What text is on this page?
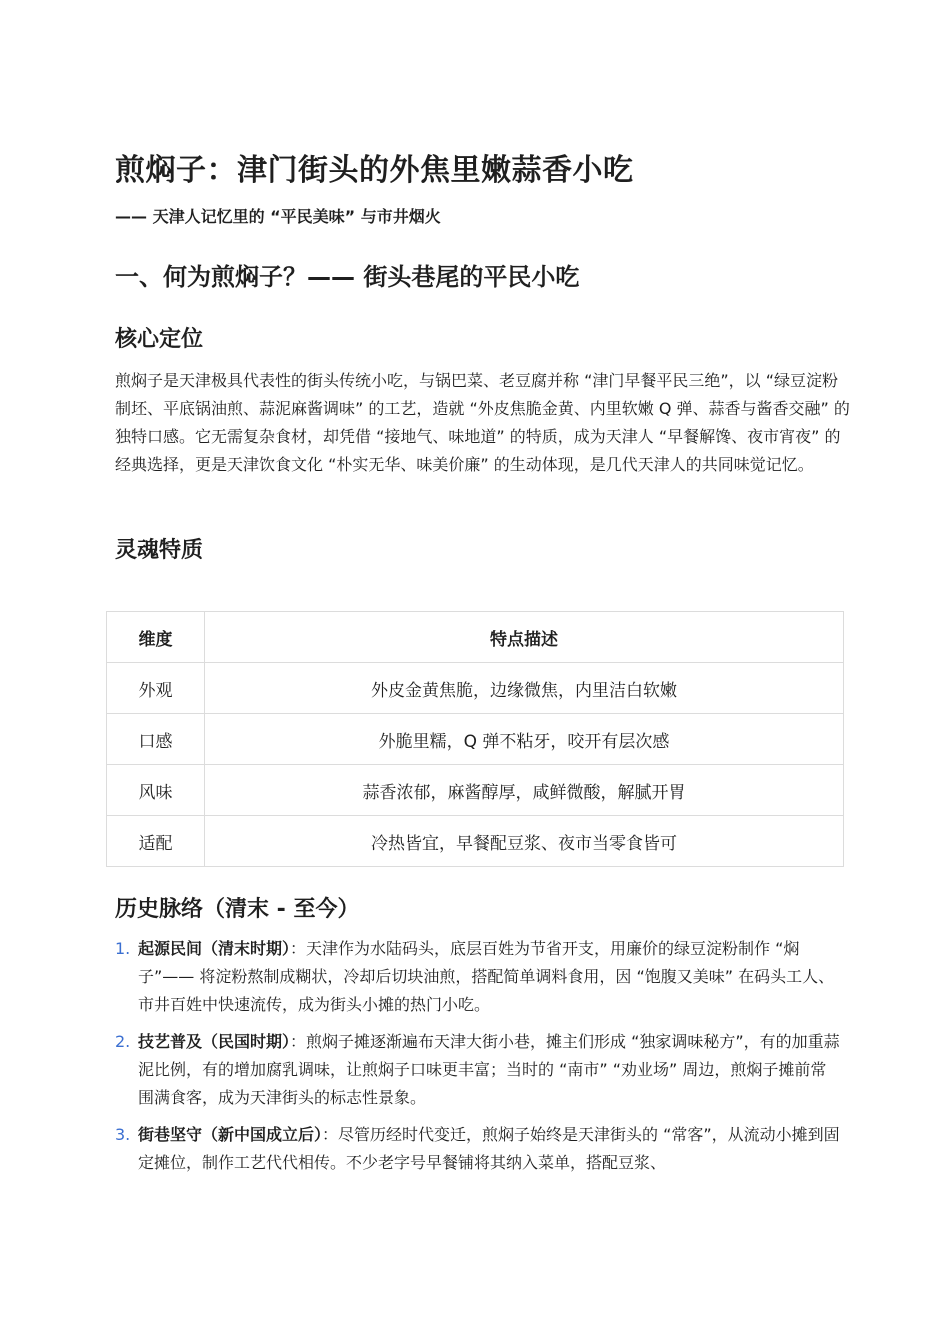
煎焖子：津门街头的外焦里嫩蒜香小吃

—— 天津人记忆里的 “平民美味” 与市井烟火

一、何为煎焖子？—— 街头巷尾的平民小吃
核心定位

煎焖子是天津极具代表性的街头传统小吃，与锅巴菜、老豆腐并称 “津门早餐平民三绝”，以 “绿豆淀粉制坯、平底锅油煎、蒜泥麻酱调味” 的工艺，造就 “外皮焦脆金黄、内里软嫩 Q 弹、蒜香与酱香交融” 的独特口感。它无需复杂食材，却凭借 “接地气、味地道” 的特质，成为天津人 “早餐解馋、夜市宵夜” 的经典选择，更是天津饮食文化 “朴实无华、味美价廉” 的生动体现，是几代天津人的共同味觉记忆。

灵魂特质
维度	特点描述
外观	外皮金黄焦脆，边缘微焦，内里洁白软嫩
口感	外脆里糯，Q 弹不粘牙，咬开有层次感
风味	蒜香浓郁，麻酱醇厚，咸鲜微酸，解腻开胃
适配	冷热皆宜，早餐配豆浆、夜市当零食皆可
历史脉络（清末 - 至今）
1. 起源民间（清末时期）：天津作为水陆码头，底层百姓为节省开支，用廉价的绿豆淀粉制作 “焖子”—— 将淀粉熬制成糊状，冷却后切块油煎，搭配简单调料食用，因 “饱腹又美味” 在码头工人、市井百姓中快速流传，成为街头小摊的热门小吃。
2. 技艺普及（民国时期）：煎焖子摊逐渐遍布天津大街小巷，摊主们形成 “独家调味秘方”，有的加重蒜泥比例，有的增加腐乳调味，让煎焖子口味更丰富；当时的 “南市” “劝业场” 周边，煎焖子摊前常围满食客，成为天津街头的标志性景象。
3. 街巷坚守（新中国成立后）：尽管历经时代变迁，煎焖子始终是天津街头的 “常客”，从流动小摊到固定摊位，制作工艺代代相传。不少老字号早餐铺将其纳入菜单，搭配豆浆、
